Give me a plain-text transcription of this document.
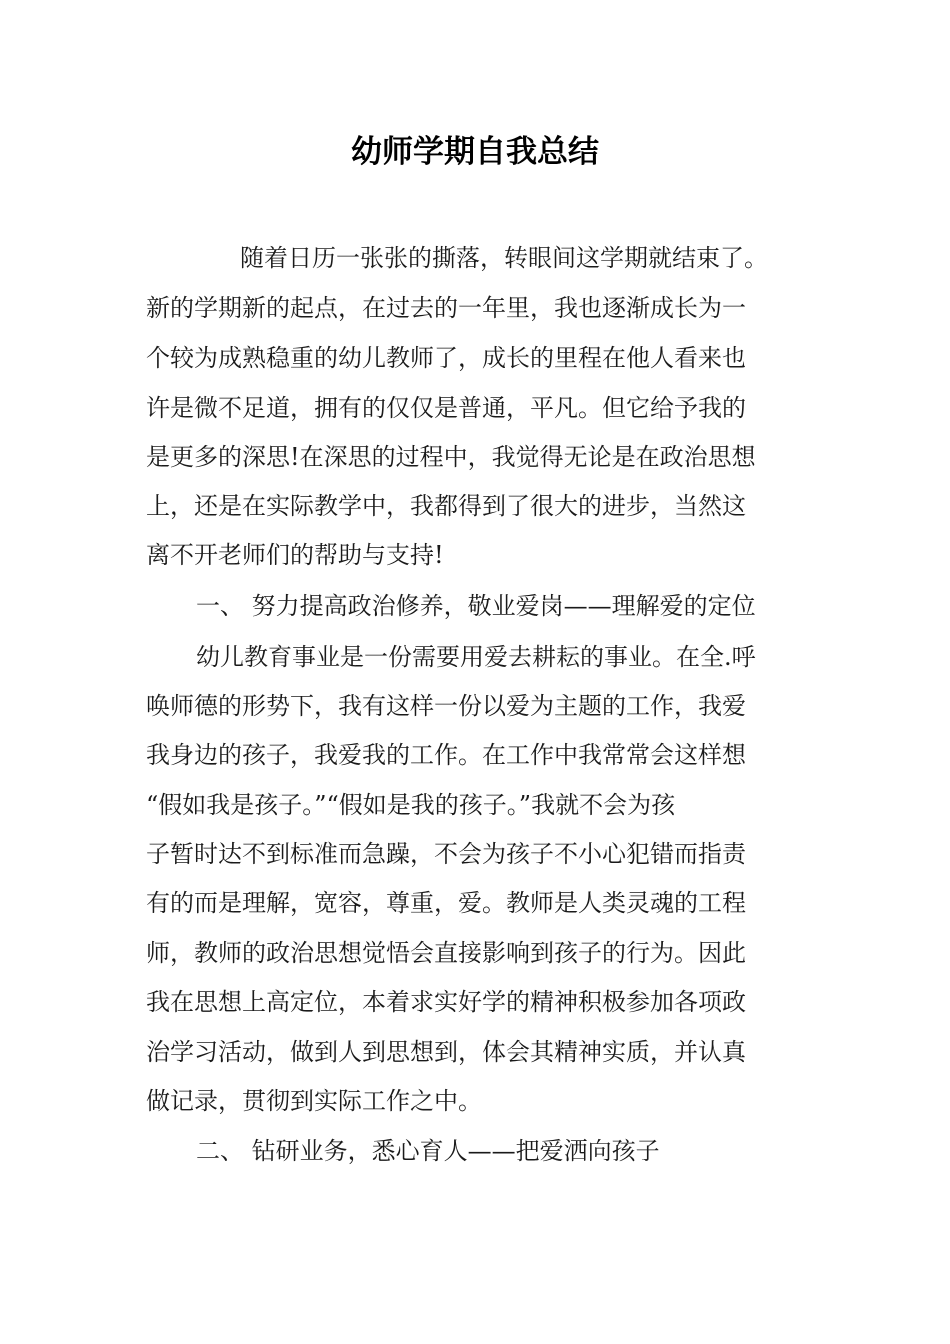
幼师学期自我总结

随着日历一张张的撕落，转眼间这学期就结束了。

新的学期新的起点，在过去的一年里，我也逐渐成长为一

个较为成熟稳重的幼儿教师了，成长的里程在他人看来也

许是微不足道，拥有的仅仅是普通，平凡。但它给予我的

是更多的深思!在深思的过程中，我觉得无论是在政治思想

上，还是在实际教学中，我都得到了很大的进步，当然这

离不开老师们的帮助与支持!

一、 努力提高政治修养，敬业爱岗——理解爱的定位

幼儿教育事业是一份需要用爱去耕耘的事业。在全.呼

唤师德的形势下，我有这样一份以爱为主题的工作，我爱

我身边的孩子，我爱我的工作。在工作中我常常会这样想

“假如我是孩子。”“假如是我的孩子。”我就不会为孩

子暂时达不到标准而急躁，不会为孩子不小心犯错而指责

有的而是理解，宽容，尊重，爱。教师是人类灵魂的工程

师，教师的政治思想觉悟会直接影响到孩子的行为。因此

我在思想上高定位，本着求实好学的精神积极参加各项政

治学习活动，做到人到思想到，体会其精神实质，并认真

做记录，贯彻到实际工作之中。

二、 钻研业务，悉心育人——把爱洒向孩子
